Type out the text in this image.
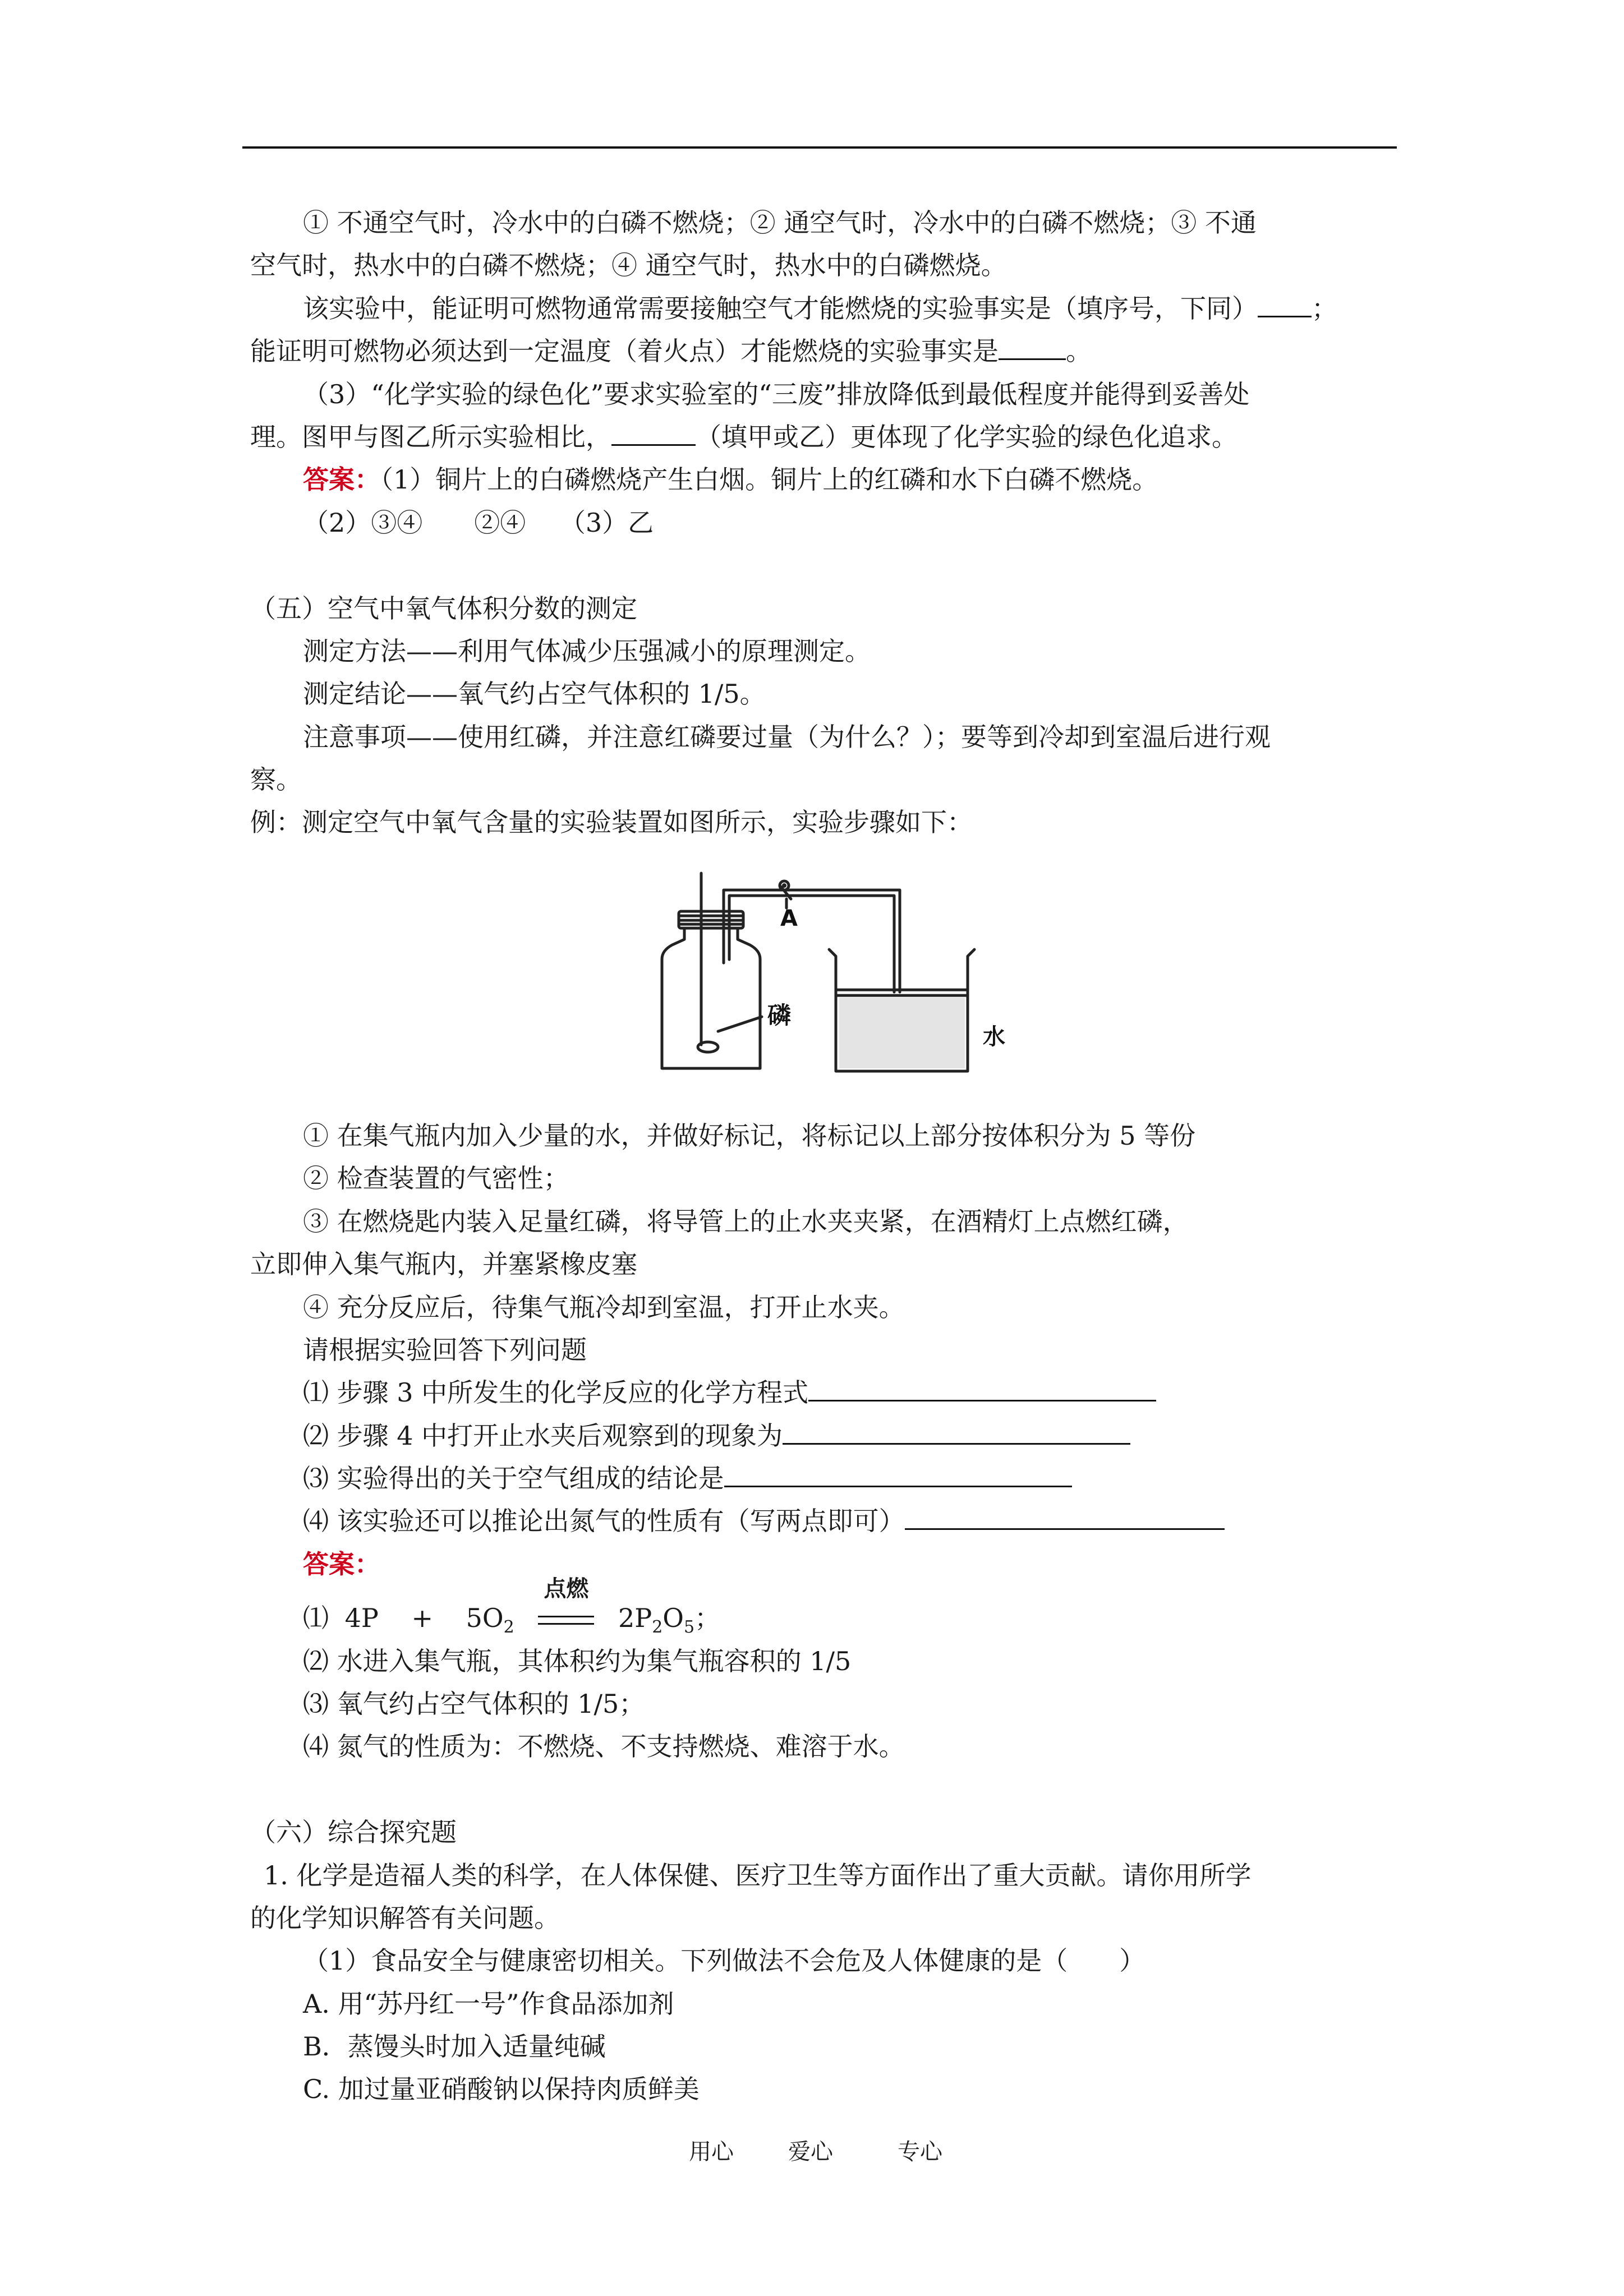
① 不通空气时，冷水中的白磷不燃烧；② 通空气时，冷水中的白磷不燃烧；③ 不通
空气时，热水中的白磷不燃烧；④ 通空气时，热水中的白磷燃烧。
该实验中，能证明可燃物通常需要接触空气才能燃烧的实验事实是（填序号，下同） ；
能证明可燃物必须达到一定温度（着火点）才能燃烧的实验事实是	。
（3）“化学实验的绿色化”要求实验室的“三废”排放降低到最低程度并能得到妥善处
理。图甲与图乙所示实验相比，	（填甲或乙）更体现了化学实验的绿色化追求。
答案：（1）铜片上的白磷燃烧产生白烟。铜片上的红磷和水下白磷不燃烧。
（2）③④　　②④　 （3）乙
（五）空气中氧气体积分数的测定
测定方法——利用气体减少压强减小的原理测定。
测定结论——氧气约占空气体积的 1/5。
注意事项——使用红磷，并注意红磷要过量（为什么？）；要等到冷却到室温后进行观
察。
例：测定空气中氧气含量的实验装置如图所示，实验步骤如下：
A
磷
水
① 在集气瓶内加入少量的水，并做好标记，将标记以上部分按体积分为 5 等份
② 检查装置的气密性；
③ 在燃烧匙内装入足量红磷，将导管上的止水夹夹紧，在酒精灯上点燃红磷，
立即伸入集气瓶内，并塞紧橡皮塞
④ 充分反应后，待集气瓶冷却到室温，打开止水夹。
请根据实验回答下列问题
⑴ 步骤 3 中所发生的化学反应的化学方程式
⑵ 步骤 4 中打开止水夹后观察到的现象为
⑶ 实验得出的关于空气组成的结论是
⑷ 该实验还可以推论出氮气的性质有（写两点即可）
答案：
⑴ $4P + 5O_2$
点燃
$2P_2O_5$；
⑵ 水进入集气瓶，其体积约为集气瓶容积的 1/5
⑶ 氧气约占空气体积的 1/5；
⑷ 氮气的性质为：不燃烧、不支持燃烧、难溶于水。
（六）综合探究题
1. 化学是造福人类的科学，在人体保健、医疗卫生等方面作出了重大贡献。请你用所学
的化学知识解答有关问题。
（1）食品安全与健康密切相关。下列做法不会危及人体健康的是（　　）
A. 用“苏丹红一号”作食品添加剂
B．蒸馒头时加入适量纯碱
C. 加过量亚硝酸钠以保持肉质鲜美
用心 爱心	专心
